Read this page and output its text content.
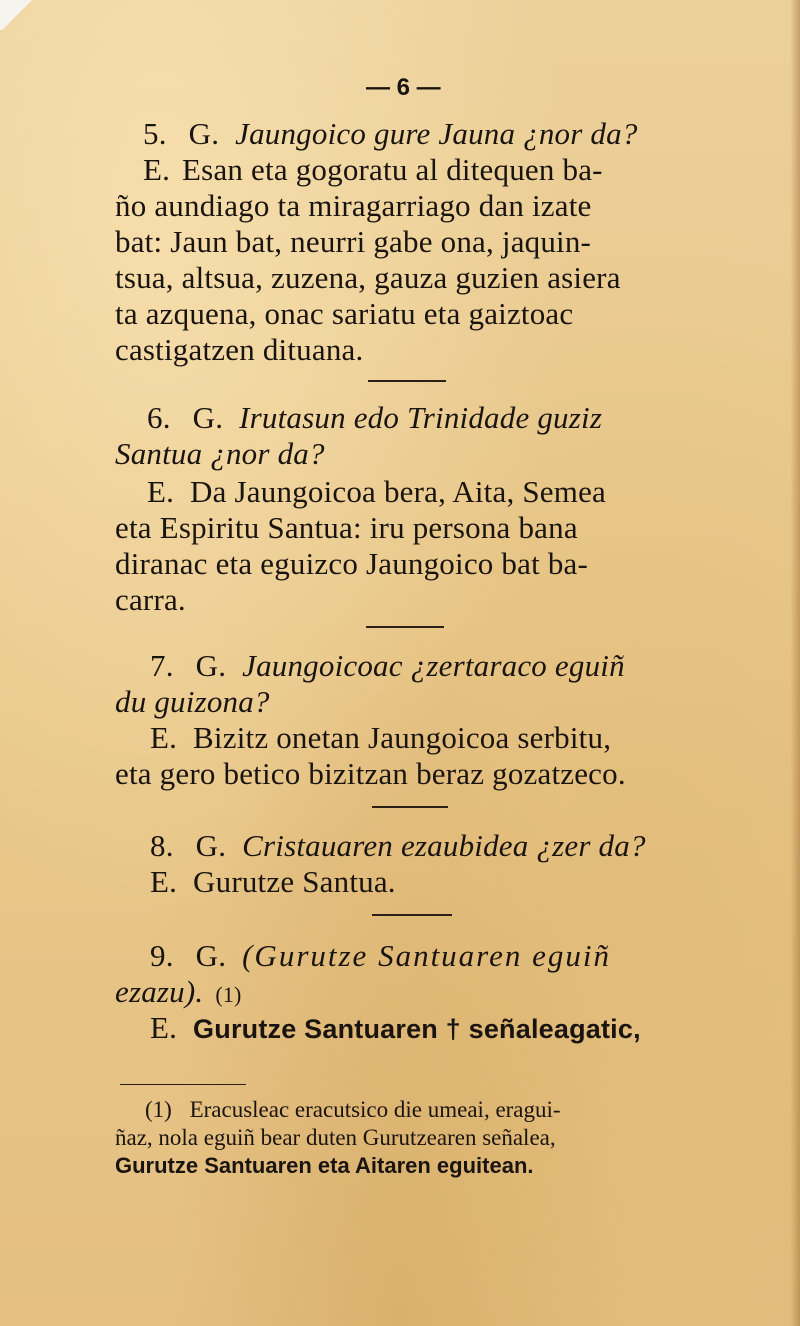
— 6 —
5. G. Jaungoico gure Jauna ¿nor da?
E. Esan eta gogoratu al ditequen ba-
ño aundiago ta miragarriago dan izate
bat: Jaun bat, neurri gabe ona, jaquin-
tsua, altsua, zuzena, gauza guzien asiera
ta azquena, onac sariatu eta gaiztoac
castigatzen dituana.
6. G. Irutasun edo Trinidade guziz
Santua ¿nor da?
E. Da Jaungoicoa bera, Aita, Semea
eta Espiritu Santua: iru persona bana
diranac eta eguizco Jaungoico bat ba-
carra.
7. G. Jaungoicoac ¿zertaraco eguiñ
du guizona?
E. Bizitz onetan Jaungoicoa serbitu,
eta gero betico bizitzan beraz gozatzeco.
8. G. Cristauaren ezaubidea ¿zer da?
E. Gurutze Santua.
9. G. (Gurutze Santuaren eguiñ
ezazu). (1)
E. Gurutze Santuaren † señaleagatic,
(1) Eracusleac eracutsico die umeai, eragui-
ñaz, nola eguiñ bear duten Gurutzearen señalea,
Gurutze Santuaren eta Aitaren eguitean.
